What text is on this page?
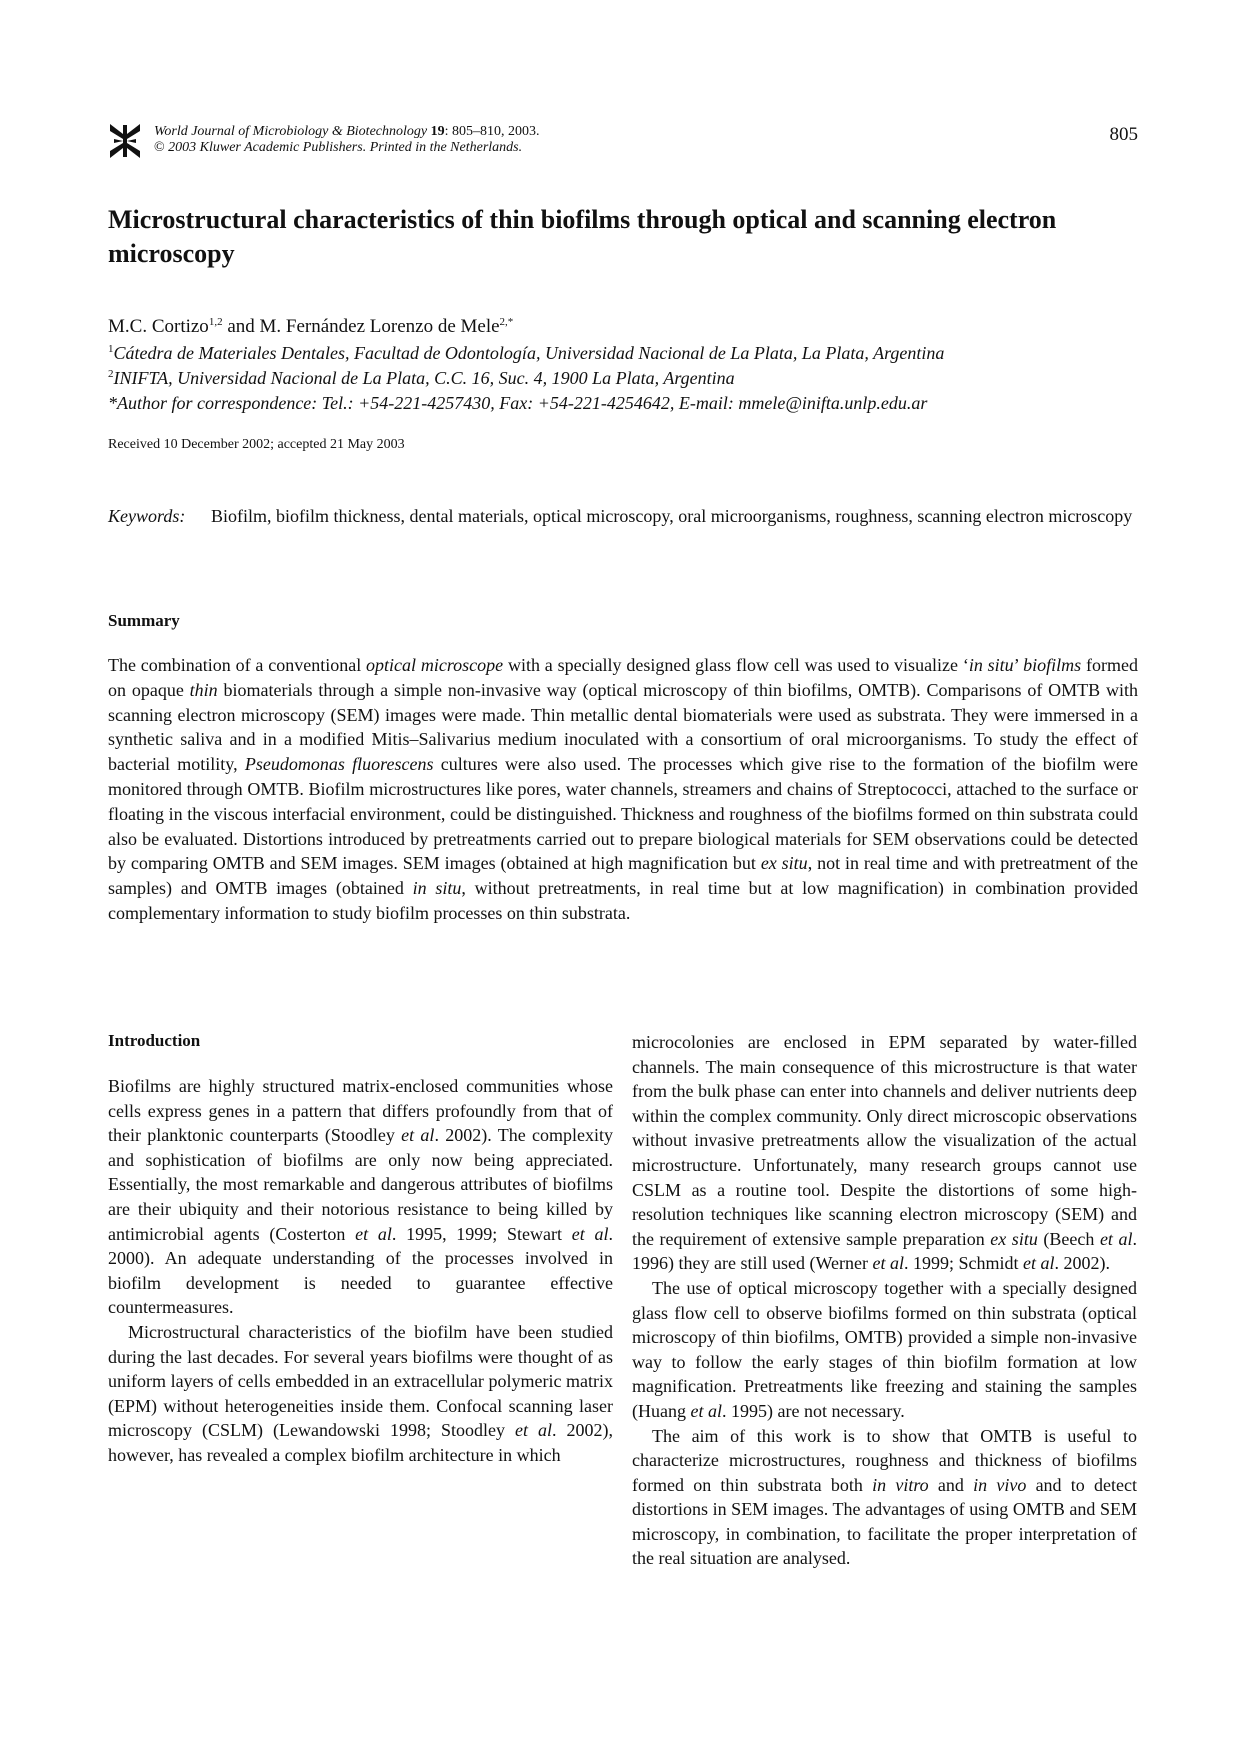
World Journal of Microbiology & Biotechnology 19: 805–810, 2003.
© 2003 Kluwer Academic Publishers. Printed in the Netherlands.
805
Microstructural characteristics of thin biofilms through optical and scanning electron microscopy
M.C. Cortizo$^{1,2}$ and M. Fernández Lorenzo de Mele$^{2,*}$
$^1$Cátedra de Materiales Dentales, Facultad de Odontología, Universidad Nacional de La Plata, La Plata, Argentina
$^2$INIFTA, Universidad Nacional de La Plata, C.C. 16, Suc. 4, 1900 La Plata, Argentina
*Author for correspondence: Tel.: +54-221-4257430, Fax: +54-221-4254642, E-mail: mmele@inifta.unlp.edu.ar
Received 10 December 2002; accepted 21 May 2003
Keywords: Biofilm, biofilm thickness, dental materials, optical microscopy, oral microorganisms, roughness, scanning electron microscopy
Summary

The combination of a conventional optical microscope with a specially designed glass flow cell was used to visualize ‘in situ’ biofilms formed on opaque thin biomaterials through a simple non-invasive way (optical microscopy of thin biofilms, OMTB). Comparisons of OMTB with scanning electron microscopy (SEM) images were made. Thin metallic dental biomaterials were used as substrata. They were immersed in a synthetic saliva and in a modified Mitis–Salivarius medium inoculated with a consortium of oral microorganisms. To study the effect of bacterial motility, Pseudomonas fluorescens cultures were also used. The processes which give rise to the formation of the biofilm were monitored through OMTB. Biofilm microstructures like pores, water channels, streamers and chains of Streptococci, attached to the surface or floating in the viscous interfacial environment, could be distinguished. Thickness and roughness of the biofilms formed on thin substrata could also be evaluated. Distortions introduced by pretreatments carried out to prepare biological materials for SEM observations could be detected by comparing OMTB and SEM images. SEM images (obtained at high magnification but ex situ, not in real time and with pretreatment of the samples) and OMTB images (obtained in situ, without pretreatments, in real time but at low magnification) in combination provided complementary information to study biofilm processes on thin substrata.

Introduction

Biofilms are highly structured matrix-enclosed communities whose cells express genes in a pattern that differs profoundly from that of their planktonic counterparts (Stoodley et al. 2002). The complexity and sophistication of biofilms are only now being appreciated. Essentially, the most remarkable and dangerous attributes of biofilms are their ubiquity and their notorious resistance to being killed by antimicrobial agents (Costerton et al. 1995, 1999; Stewart et al. 2000). An adequate understanding of the processes involved in biofilm development is needed to guarantee effective countermeasures.

Microstructural characteristics of the biofilm have been studied during the last decades. For several years biofilms were thought of as uniform layers of cells embedded in an extracellular polymeric matrix (EPM) without heterogeneities inside them. Confocal scanning laser microscopy (CSLM) (Lewandowski 1998; Stoodley et al. 2002), however, has revealed a complex biofilm architecture in which

microcolonies are enclosed in EPM separated by water-filled channels. The main consequence of this microstructure is that water from the bulk phase can enter into channels and deliver nutrients deep within the complex community. Only direct microscopic observations without invasive pretreatments allow the visualization of the actual microstructure. Unfortunately, many research groups cannot use CSLM as a routine tool. Despite the distortions of some high-resolution techniques like scanning electron microscopy (SEM) and the requirement of extensive sample preparation ex situ (Beech et al. 1996) they are still used (Werner et al. 1999; Schmidt et al. 2002).

The use of optical microscopy together with a specially designed glass flow cell to observe biofilms formed on thin substrata (optical microscopy of thin biofilms, OMTB) provided a simple non-invasive way to follow the early stages of thin biofilm formation at low magnification. Pretreatments like freezing and staining the samples (Huang et al. 1995) are not necessary.

The aim of this work is to show that OMTB is useful to characterize microstructures, roughness and thickness of biofilms formed on thin substrata both in vitro and in vivo and to detect distortions in SEM images. The advantages of using OMTB and SEM microscopy, in combination, to facilitate the proper interpretation of the real situation are analysed.
